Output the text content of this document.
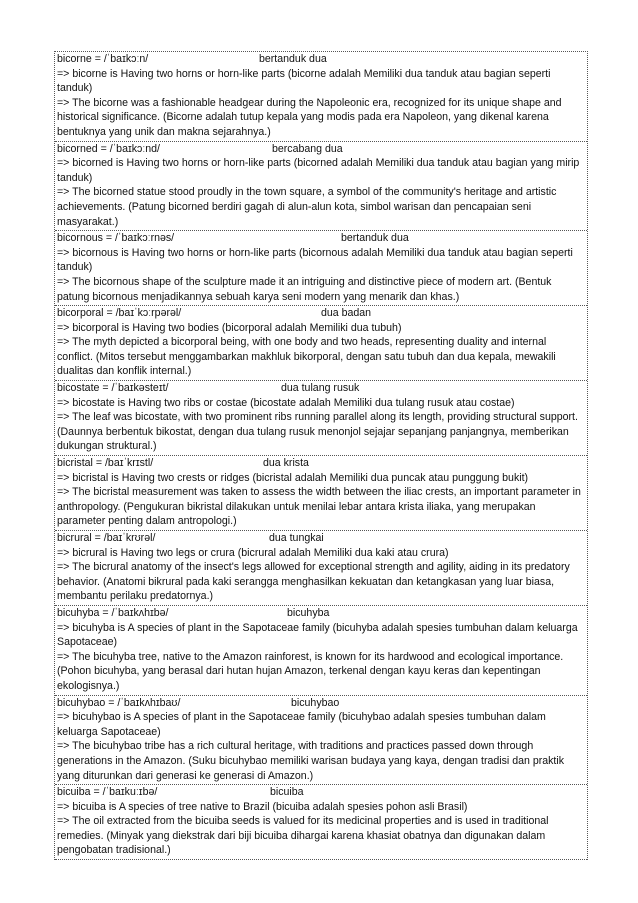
bicorne = /ˈbaɪkɔːn/	bertanduk dua
=> bicorne is Having two horns or horn-like parts (bicorne adalah Memiliki dua tanduk atau bagian seperti tanduk)
=> The bicorne was a fashionable headgear during the Napoleonic era, recognized for its unique shape and historical significance. (Bicorne adalah tutup kepala yang modis pada era Napoleon, yang dikenal karena bentuknya yang unik dan makna sejarahnya.)
bicorned = /ˈbaɪkɔːnd/	bercabang dua
=> bicorned is Having two horns or horn-like parts (bicorned adalah Memiliki dua tanduk atau bagian yang mirip tanduk)
=> The bicorned statue stood proudly in the town square, a symbol of the community's heritage and artistic achievements. (Patung bicorned berdiri gagah di alun-alun kota, simbol warisan dan pencapaian seni masyarakat.)
bicornous = /ˈbaɪkɔːrnəs/	bertanduk dua
=> bicornous is Having two horns or horn-like parts (bicornous adalah Memiliki dua tanduk atau bagian seperti tanduk)
=> The bicornous shape of the sculpture made it an intriguing and distinctive piece of modern art. (Bentuk patung bicornous menjadikannya sebuah karya seni modern yang menarik dan khas.)
bicorporal = /baɪˈkɔːrpərəl/	dua badan
=> bicorporal is Having two bodies (bicorporal adalah Memiliki dua tubuh)
=> The myth depicted a bicorporal being, with one body and two heads, representing duality and internal conflict. (Mitos tersebut menggambarkan makhluk bikorporal, dengan satu tubuh dan dua kepala, mewakili dualitas dan konflik internal.)
bicostate = /ˈbaɪkəsteɪt/	dua tulang rusuk
=> bicostate is Having two ribs or costae (bicostate adalah Memiliki dua tulang rusuk atau costae)
=> The leaf was bicostate, with two prominent ribs running parallel along its length, providing structural support. (Daunnya berbentuk bikostat, dengan dua tulang rusuk menonjol sejajar sepanjang panjangnya, memberikan dukungan struktural.)
bicristal = /baɪˈkrɪstl/	dua krista
=> bicristal is Having two crests or ridges (bicristal adalah Memiliki dua puncak atau punggung bukit)
=> The bicristal measurement was taken to assess the width between the iliac crests, an important parameter in anthropology. (Pengukuran bikristal dilakukan untuk menilai lebar antara krista iliaka, yang merupakan parameter penting dalam antropologi.)
bicrural = /baɪˈkrʊrəl/	dua tungkai
=> bicrural is Having two legs or crura (bicrural adalah Memiliki dua kaki atau crura)
=> The bicrural anatomy of the insect's legs allowed for exceptional strength and agility, aiding in its predatory behavior. (Anatomi bikrural pada kaki serangga menghasilkan kekuatan dan ketangkasan yang luar biasa, membantu perilaku predatornya.)
bicuhyba = /ˈbaɪkʌhɪbə/	bicuhyba
=> bicuhyba is A species of plant in the Sapotaceae family (bicuhyba adalah spesies tumbuhan dalam keluarga Sapotaceae)
=> The bicuhyba tree, native to the Amazon rainforest, is known for its hardwood and ecological importance. (Pohon bicuhyba, yang berasal dari hutan hujan Amazon, terkenal dengan kayu keras dan kepentingan ekologisnya.)
bicuhybao = /ˈbaɪkʌhɪbaʊ/	bicuhybao
=> bicuhybao is A species of plant in the Sapotaceae family (bicuhybao adalah spesies tumbuhan dalam keluarga Sapotaceae)
=> The bicuhybao tribe has a rich cultural heritage, with traditions and practices passed down through generations in the Amazon. (Suku bicuhybao memiliki warisan budaya yang kaya, dengan tradisi dan praktik yang diturunkan dari generasi ke generasi di Amazon.)
bicuiba = /ˈbaɪkuːɪbə/	bicuiba
=> bicuiba is A species of tree native to Brazil (bicuiba adalah spesies pohon asli Brasil)
=> The oil extracted from the bicuiba seeds is valued for its medicinal properties and is used in traditional remedies. (Minyak yang diekstrak dari biji bicuiba dihargai karena khasiat obatnya dan digunakan dalam pengobatan tradisional.)
